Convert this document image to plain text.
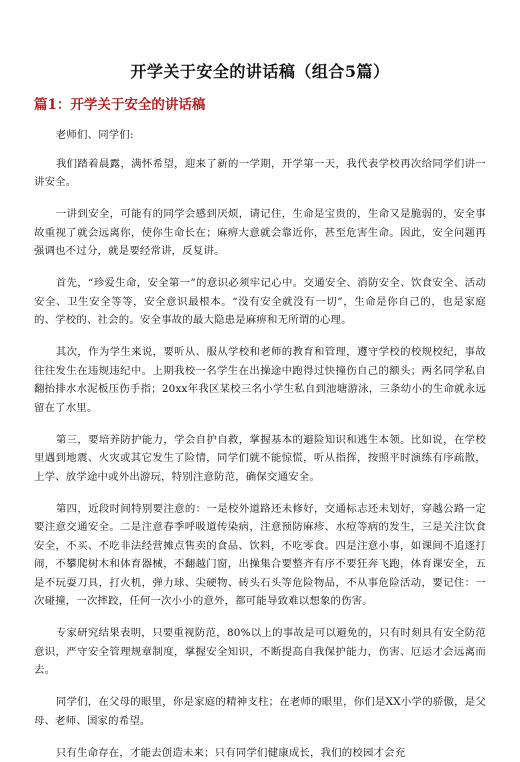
开学关于安全的讲话稿（组合5篇）
篇1：开学关于安全的讲话稿

老师们、同学们:

我们踏着晨露，满怀希望，迎来了新的一学期，开学第一天，我代表学校再次给同学们讲一讲安全。

一讲到安全，可能有的同学会感到厌烦，请记住，生命是宝贵的，生命又是脆弱的，安全事故重视了就会远离你，使你生命长在；麻痹大意就会靠近你，甚至危害生命。因此，安全问题再强调也不过分，就是要经常讲，反复讲。

首先，“珍爱生命，安全第一”的意识必须牢记心中。交通安全、消防安全、饮食安全、活动安全、卫生安全等等，安全意识最根本。“没有安全就没有一切”，生命是你自己的，也是家庭的、学校的、社会的。安全事故的最大隐患是麻痹和无所谓的心理。

其次，作为学生来说，要听从、服从学校和老师的教育和管理，遵守学校的校规校纪，事故往往发生在违规违纪中。上期我校一名学生在出操途中跑得过快撞伤自己的额头；两名同学私自翻抬排水水泥板压伤手指；20xx年我区某校三名小学生私自到池塘游泳，三条幼小的生命就永远留在了水里。

第三，要培养防护能力，学会自护自救，掌握基本的避险知识和逃生本领。比如说，在学校里遇到地震、火灾或其它发生了险情，同学们就不能惊慌，听从指挥，按照平时演练有序疏散，上学、放学途中或外出游玩，特别注意防范，确保交通安全。

第四，近段时间特别要注意的：一是校外道路还未修好，交通标志还未划好，穿越公路一定要注意交通安全。二是注意春季呼吸道传染病，注意预防麻疹、水痘等病的发生，三是关注饮食安全，不买、不吃非法经营摊点售卖的食品、饮料，不吃零食。四是注意小事，如课间不追逐打闹，不攀爬树木和体育器械，不翻越门窗，出操集合要整齐有序不要狂奔飞跑，体育课安全，五是不玩耍刀具，打火机，弹力球、尖硬物、砖头石头等危险物品，不从事危险活动，要记住：一次碰撞，一次摔跤，任何一次小小的意外，都可能导致难以想象的伤害。

专家研究结果表明，只要重视防范，80%以上的事故是可以避免的，只有时刻具有安全防范意识，严守安全管理规章制度，掌握安全知识，不断提高自我保护能力，伤害、厄运才会远离而去。

同学们，在父母的眼里，你是家庭的精神支柱；在老师的眼里，你们是XX小学的骄傲，是父母、老师、国家的希望。

只有生命存在，才能去创造未来；只有同学们健康成长，我们的校园才会充
